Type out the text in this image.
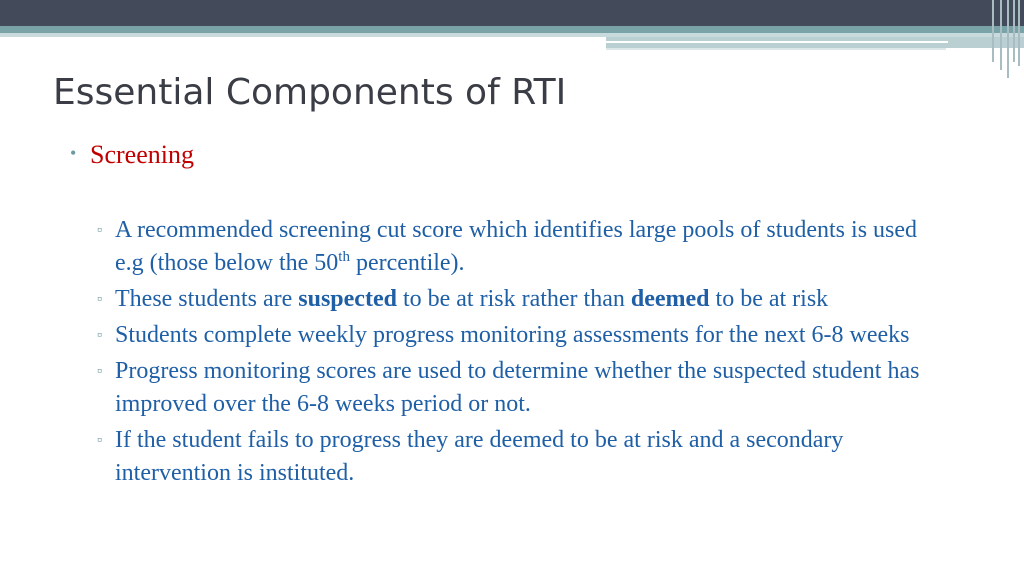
Essential Components of RTI
• Screening
▫ A recommended screening cut score which identifies large pools of students is used e.g (those below the 50th percentile).
▫ These students are suspected to be at risk rather than deemed to be at risk
▫ Students complete weekly progress monitoring assessments for the next 6-8 weeks
▫ Progress monitoring scores are used to determine whether the suspected student has improved over the 6-8 weeks period or not.
▫ If the student fails to progress they are deemed to be at risk and a secondary intervention is instituted.
